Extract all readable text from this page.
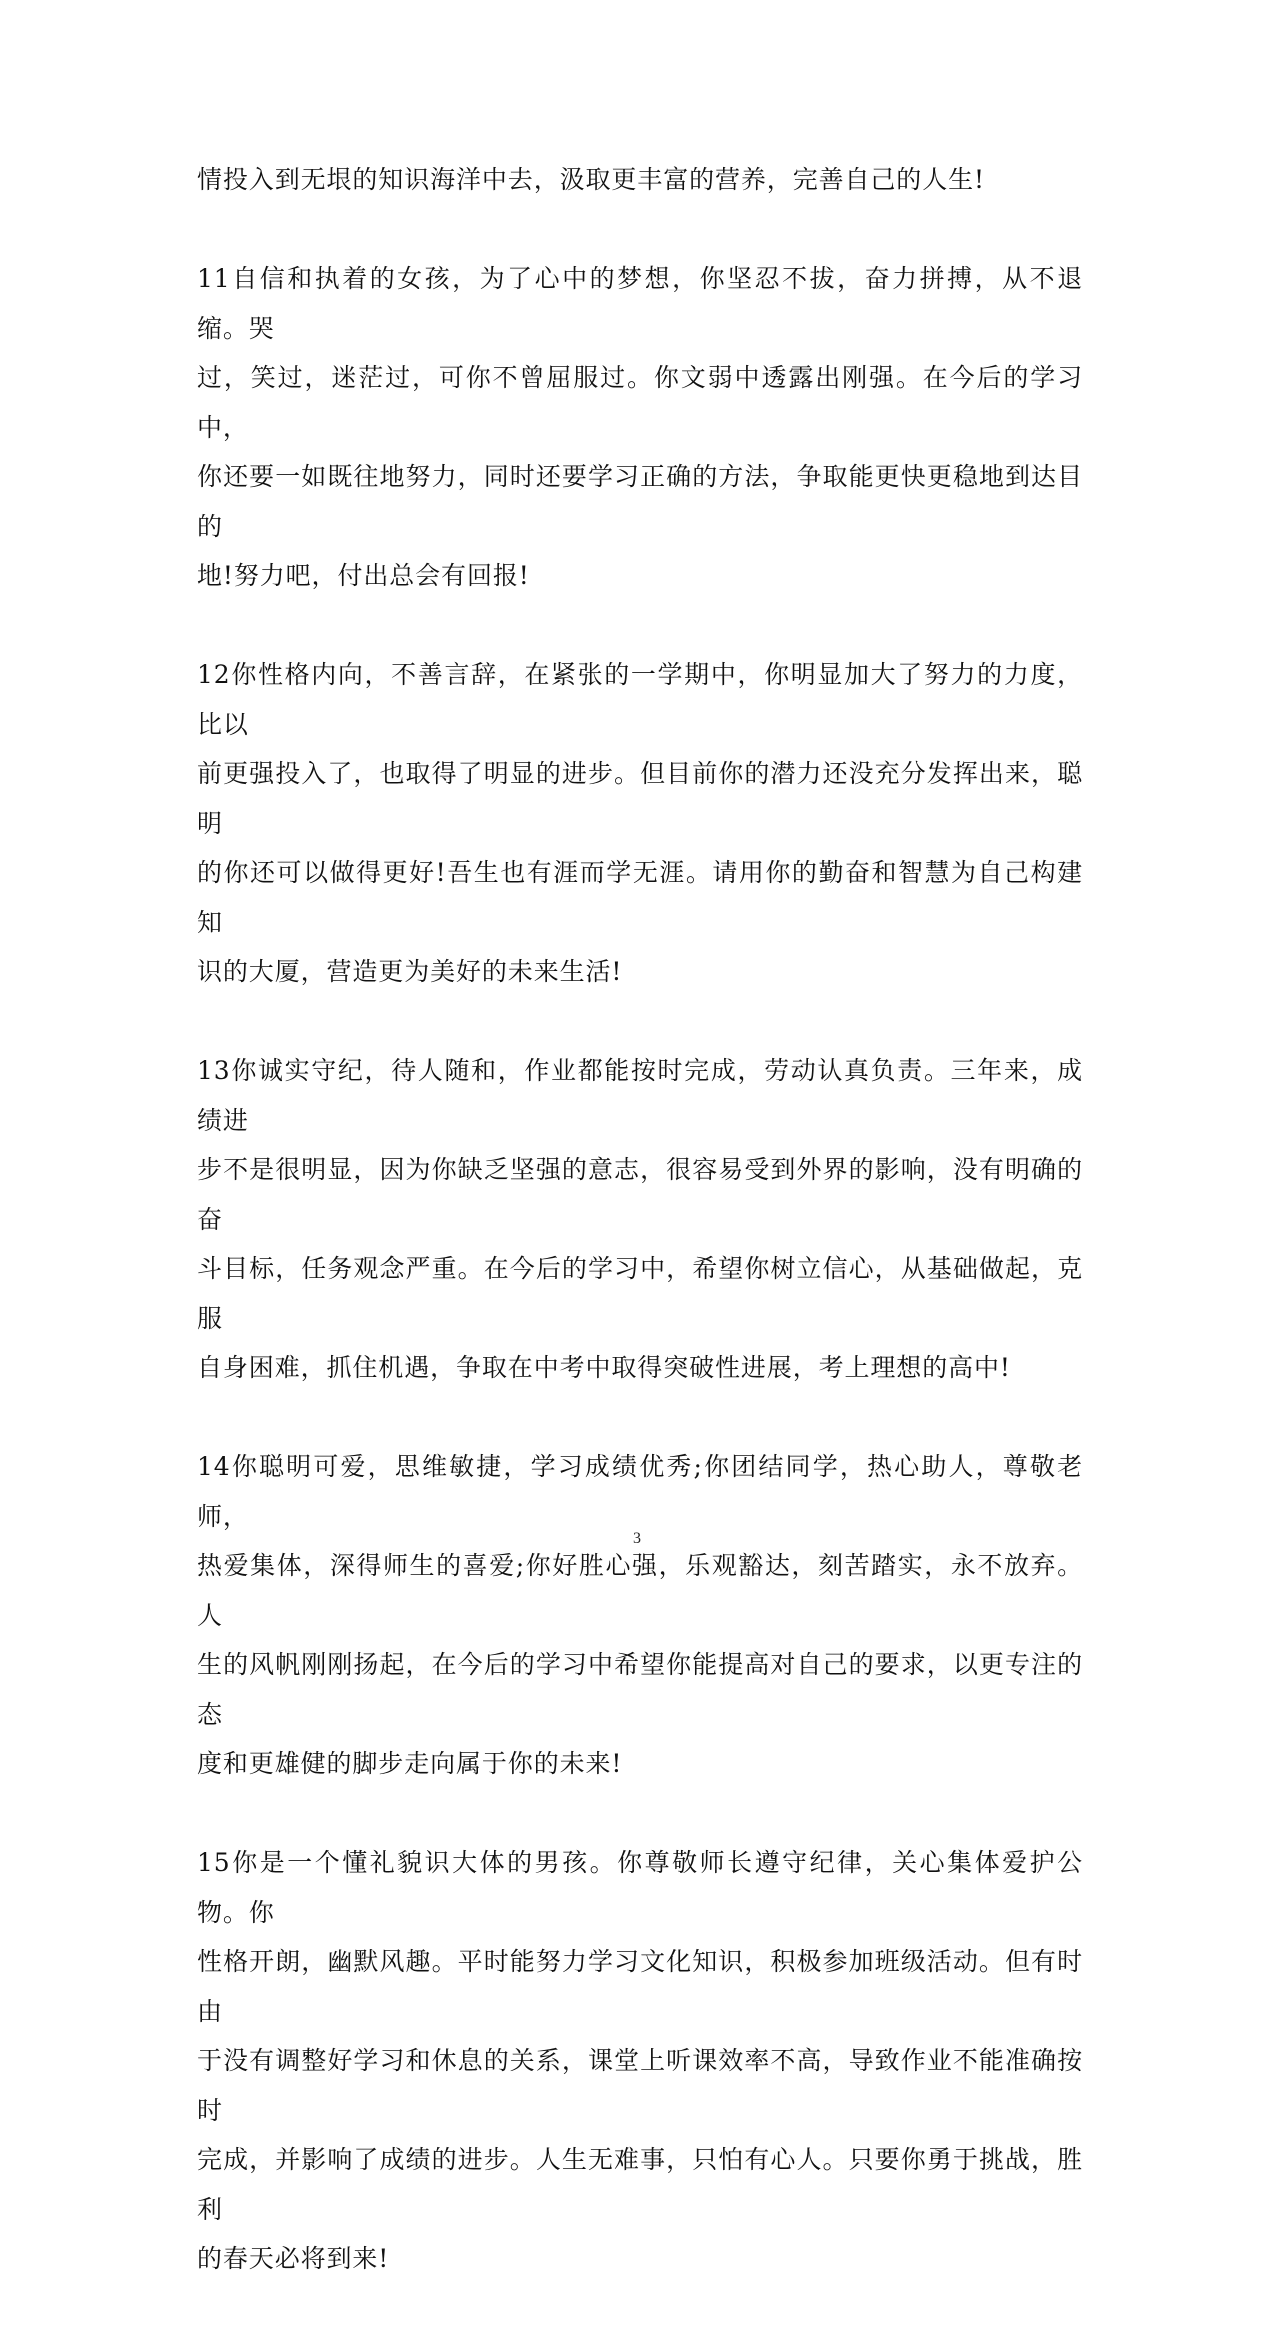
情投入到无垠的知识海洋中去，汲取更丰富的营养，完善自己的人生!

11自信和执着的女孩，为了心中的梦想，你坚忍不拔，奋力拼搏，从不退缩。哭
过，笑过，迷茫过，可你不曾屈服过。你文弱中透露出刚强。在今后的学习中，
你还要一如既往地努力，同时还要学习正确的方法，争取能更快更稳地到达目的
地!努力吧，付出总会有回报!

12你性格内向，不善言辞，在紧张的一学期中，你明显加大了努力的力度，比以
前更强投入了，也取得了明显的进步。但目前你的潜力还没充分发挥出来，聪明
的你还可以做得更好!吾生也有涯而学无涯。请用你的勤奋和智慧为自己构建知
识的大厦，营造更为美好的未来生活!

13你诚实守纪，待人随和，作业都能按时完成，劳动认真负责。三年来，成绩进
步不是很明显，因为你缺乏坚强的意志，很容易受到外界的影响，没有明确的奋
斗目标，任务观念严重。在今后的学习中，希望你树立信心，从基础做起，克服
自身困难，抓住机遇，争取在中考中取得突破性进展，考上理想的高中!

14你聪明可爱，思维敏捷，学习成绩优秀;你团结同学，热心助人，尊敬老师，
热爱集体，深得师生的喜爱;你好胜心强，乐观豁达，刻苦踏实，永不放弃。人
生的风帆刚刚扬起，在今后的学习中希望你能提高对自己的要求，以更专注的态
度和更雄健的脚步走向属于你的未来!

15你是一个懂礼貌识大体的男孩。你尊敬师长遵守纪律，关心集体爱护公物。你
性格开朗，幽默风趣。平时能努力学习文化知识，积极参加班级活动。但有时由
于没有调整好学习和休息的关系，课堂上听课效率不高，导致作业不能准确按时
完成，并影响了成绩的进步。人生无难事，只怕有心人。只要你勇于挑战，胜利
的春天必将到来!

3
